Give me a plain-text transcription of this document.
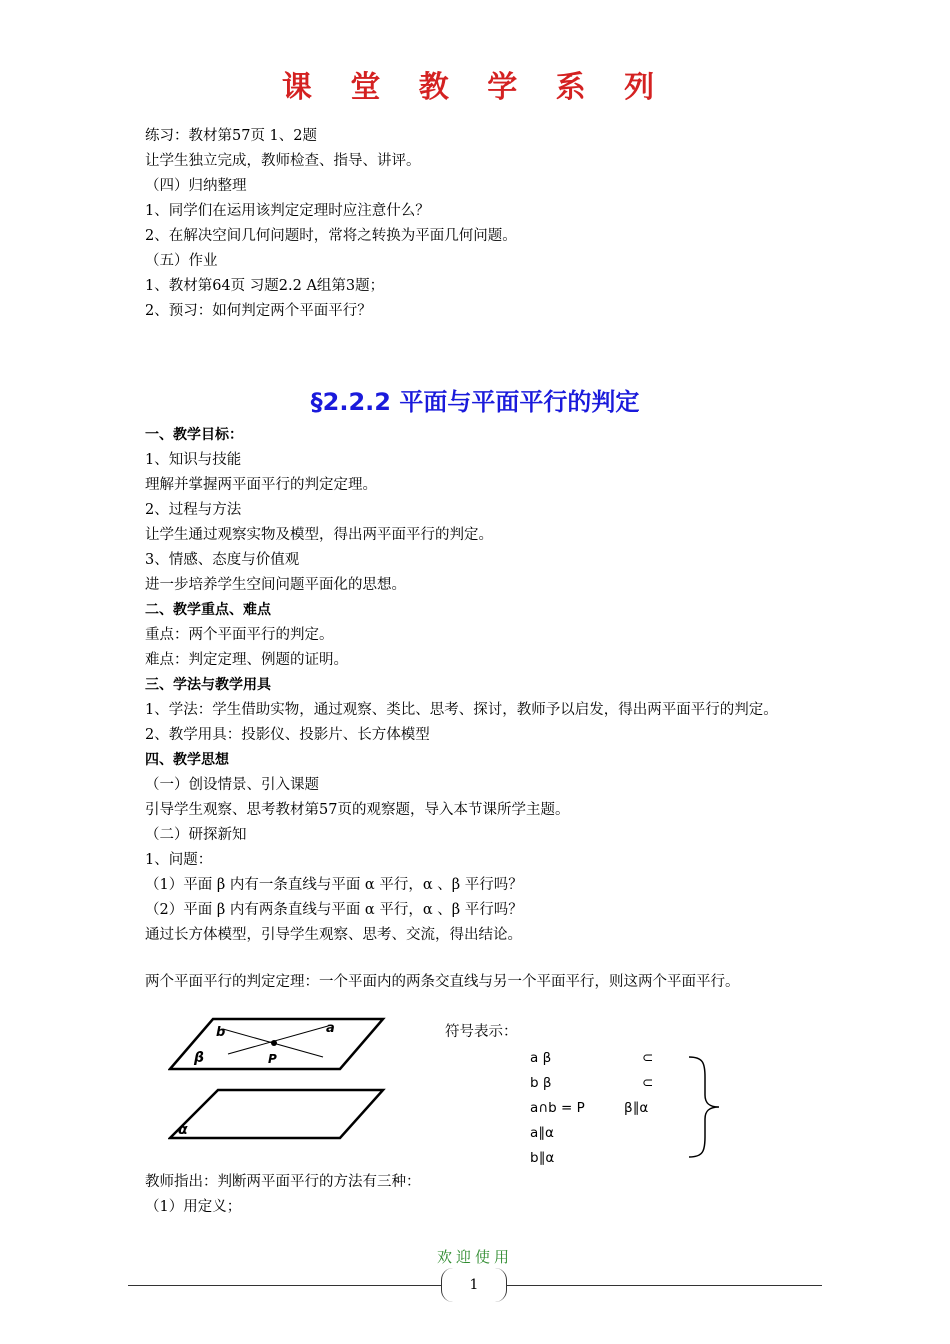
课 堂 教 学 系 列
练习：教材第57页 1、2题
让学生独立完成，教师检查、指导、讲评。
（四）归纳整理
1、同学们在运用该判定定理时应注意什么？
2、在解决空间几何问题时，常将之转换为平面几何问题。
（五）作业
1、教材第64页 习题2.2 A组第3题；
2、预习：如何判定两个平面平行？
§2.2.2 平面与平面平行的判定
一、教学目标：
1、知识与技能
理解并掌握两平面平行的判定定理。
2、过程与方法
让学生通过观察实物及模型，得出两平面平行的判定。
3、情感、态度与价值观
进一步培养学生空间问题平面化的思想。
二、教学重点、难点
重点：两个平面平行的判定。
难点：判定定理、例题的证明。
三、学法与教学用具
1、学法：学生借助实物，通过观察、类比、思考、探讨，教师予以启发，得出两平面平行的判定。
2、教学用具：投影仪、投影片、长方体模型
四、教学思想
（一）创设情景、引入课题
引导学生观察、思考教材第57页的观察题，导入本节课所学主题。
（二）研探新知
1、问题：
（1）平面 β 内有一条直线与平面 α 平行，α 、β 平行吗？
（2）平面 β 内有两条直线与平面 α 平行，α 、β 平行吗？
通过长方体模型，引导学生观察、思考、交流，得出结论。
两个平面平行的判定定理：一个平面内的两条交直线与另一个平面平行，则这两个平面平行。
b	a
β	P
α
符号表示：
a β	⊂
b β	⊂
a∩b = P	β∥α
a∥α
b∥α
教师指出：判断两平面平行的方法有三种：
（1）用定义；
欢迎使用
1
